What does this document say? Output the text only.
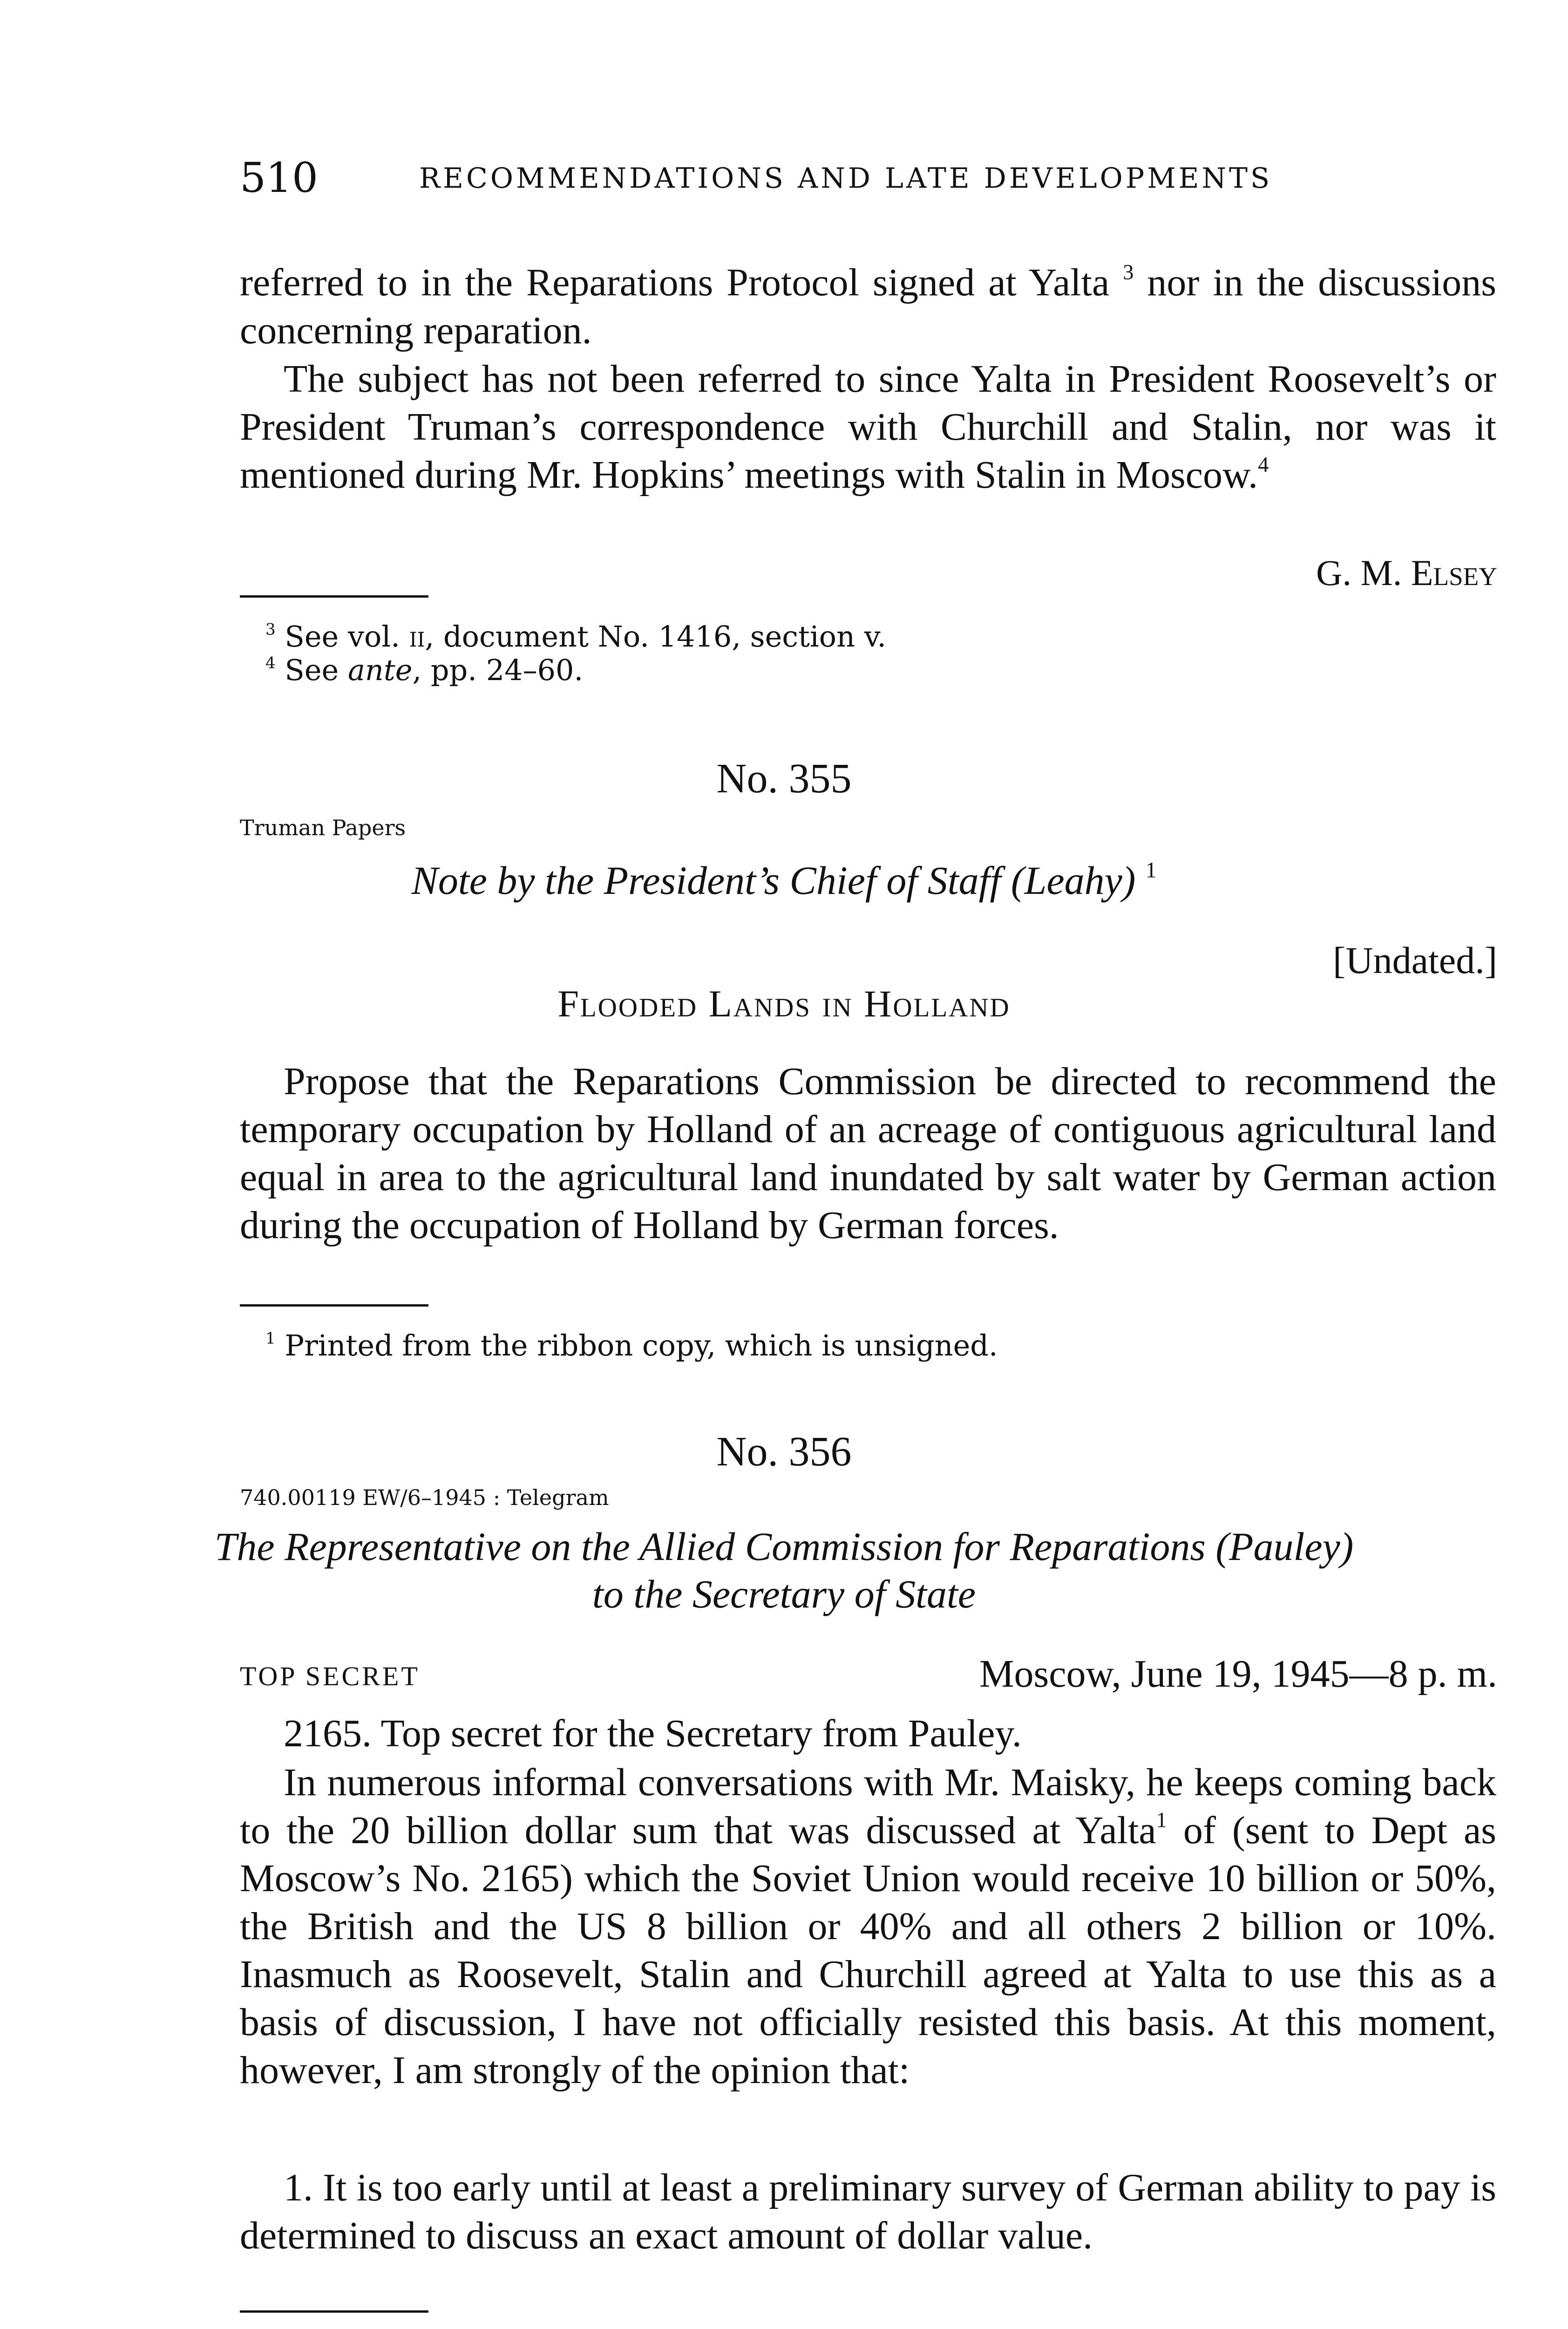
510	RECOMMENDATIONS AND LATE DEVELOPMENTS

referred to in the Reparations Protocol signed at Yalta $^3$ nor in the discussions concerning reparation.

The subject has not been referred to since Yalta in President Roosevelt’s or President Truman’s correspondence with Churchill and Stalin, nor was it mentioned during Mr. Hopkins’ meetings with Stalin in Moscow.$^4$

G. M. Elsey
$^3$ See vol. ii, document No. 1416, section v.
$^4$ See ante, pp. 24–60.
No. 355
Truman Papers
Note by the President’s Chief of Staff (Leahy) $^1$
[Undated.]
Flooded Lands in Holland

Propose that the Reparations Commission be directed to recommend the temporary occupation by Holland of an acreage of contiguous agricultural land equal in area to the agricultural land inundated by salt water by German action during the occupation of Holland by German forces.

$^1$ Printed from the ribbon copy, which is unsigned.
No. 356
740.00119 EW/6–1945 : Telegram
The Representative on the Allied Commission for Reparations (Pauley)
to the Secretary of State
TOP SECRET	Moscow, June 19, 1945—8 p. m.

2165. Top secret for the Secretary from Pauley.

In numerous informal conversations with Mr. Maisky, he keeps coming back to the 20 billion dollar sum that was discussed at Yalta$^1$ of (sent to Dept as Moscow’s No. 2165) which the Soviet Union would receive 10 billion or 50%, the British and the US 8 billion or 40% and all others 2 billion or 10%. Inasmuch as Roosevelt, Stalin and Churchill agreed at Yalta to use this as a basis of discussion, I have not officially resisted this basis. At this moment, however, I am strongly of the opinion that:

1. It is too early until at least a preliminary survey of German ability to pay is determined to discuss an exact amount of dollar value.
